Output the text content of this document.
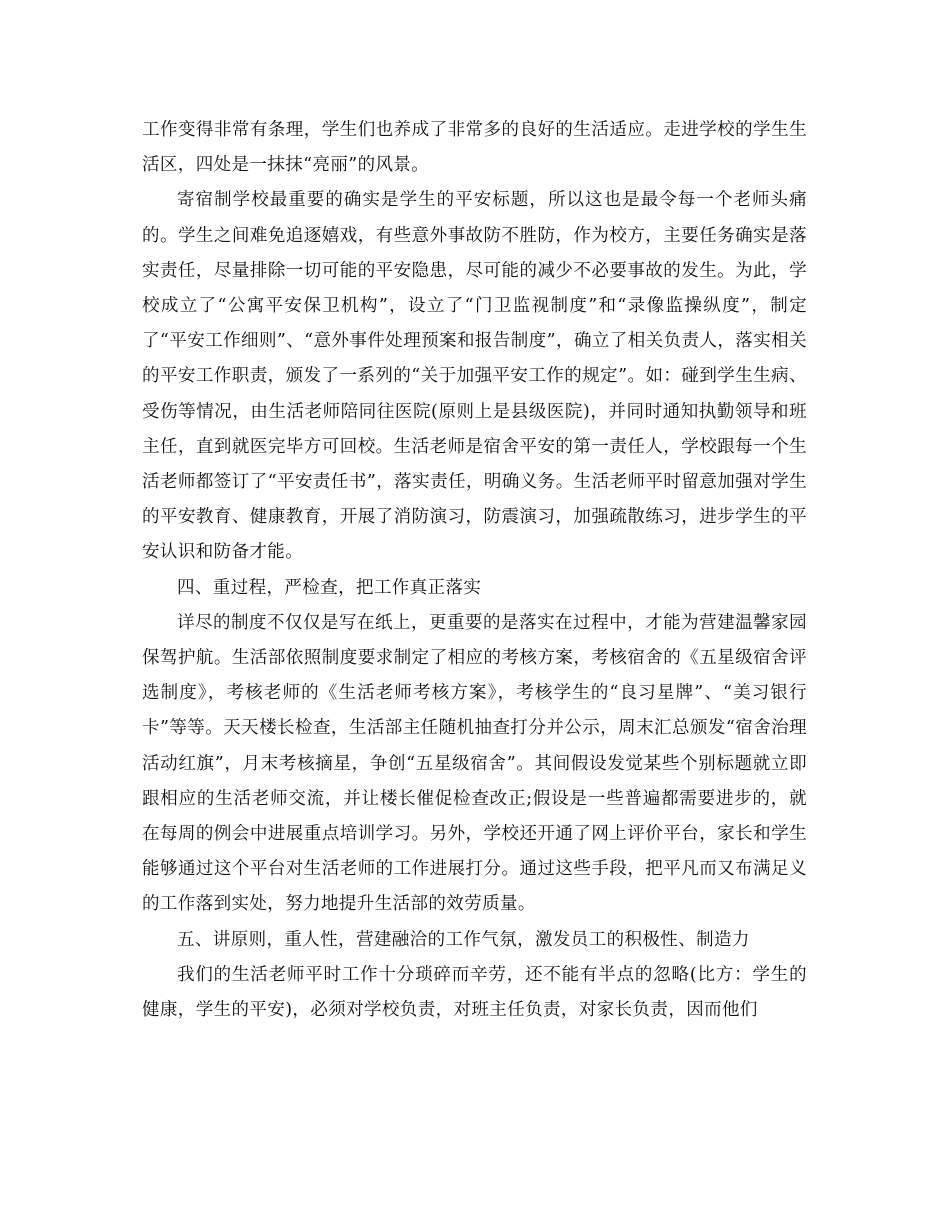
工作变得非常有条理，学生们也养成了非常多的良好的生活适应。走进学校的学生生活区，四处是一抹抹“亮丽”的风景。

寄宿制学校最重要的确实是学生的平安标题，所以这也是最令每一个老师头痛的。学生之间难免追逐嬉戏，有些意外事故防不胜防，作为校方，主要任务确实是落实责任，尽量排除一切可能的平安隐患，尽可能的减少不必要事故的发生。为此，学校成立了“公寓平安保卫机构”，设立了“门卫监视制度”和“录像监操纵度”，制定了“平安工作细则”、“意外事件处理预案和报告制度”，确立了相关负责人，落实相关的平安工作职责，颁发了一系列的“关于加强平安工作的规定”。如：碰到学生生病、受伤等情况，由生活老师陪同往医院(原则上是县级医院)，并同时通知执勤领导和班主任，直到就医完毕方可回校。生活老师是宿舍平安的第一责任人，学校跟每一个生活老师都签订了“平安责任书”，落实责任，明确义务。生活老师平时留意加强对学生的平安教育、健康教育，开展了消防演习，防震演习，加强疏散练习，进步学生的平安认识和防备才能。

四、重过程，严检查，把工作真正落实

详尽的制度不仅仅是写在纸上，更重要的是落实在过程中，才能为营建温馨家园保驾护航。生活部依照制度要求制定了相应的考核方案，考核宿舍的《五星级宿舍评选制度》，考核老师的《生活老师考核方案》，考核学生的“良习星牌”、“美习银行卡”等等。天天楼长检查，生活部主任随机抽查打分并公示，周末汇总颁发“宿舍治理活动红旗”，月末考核摘星，争创“五星级宿舍”。其间假设发觉某些个别标题就立即跟相应的生活老师交流，并让楼长催促检查改正;假设是一些普遍都需要进步的，就在每周的例会中进展重点培训学习。另外，学校还开通了网上评价平台，家长和学生能够通过这个平台对生活老师的工作进展打分。通过这些手段，把平凡而又布满足义的工作落到实处，努力地提升生活部的效劳质量。

五、讲原则，重人性，营建融洽的工作气氛，激发员工的积极性、制造力

我们的生活老师平时工作十分琐碎而辛劳，还不能有半点的忽略(比方：学生的健康，学生的平安)，必须对学校负责，对班主任负责，对家长负责，因而他们
